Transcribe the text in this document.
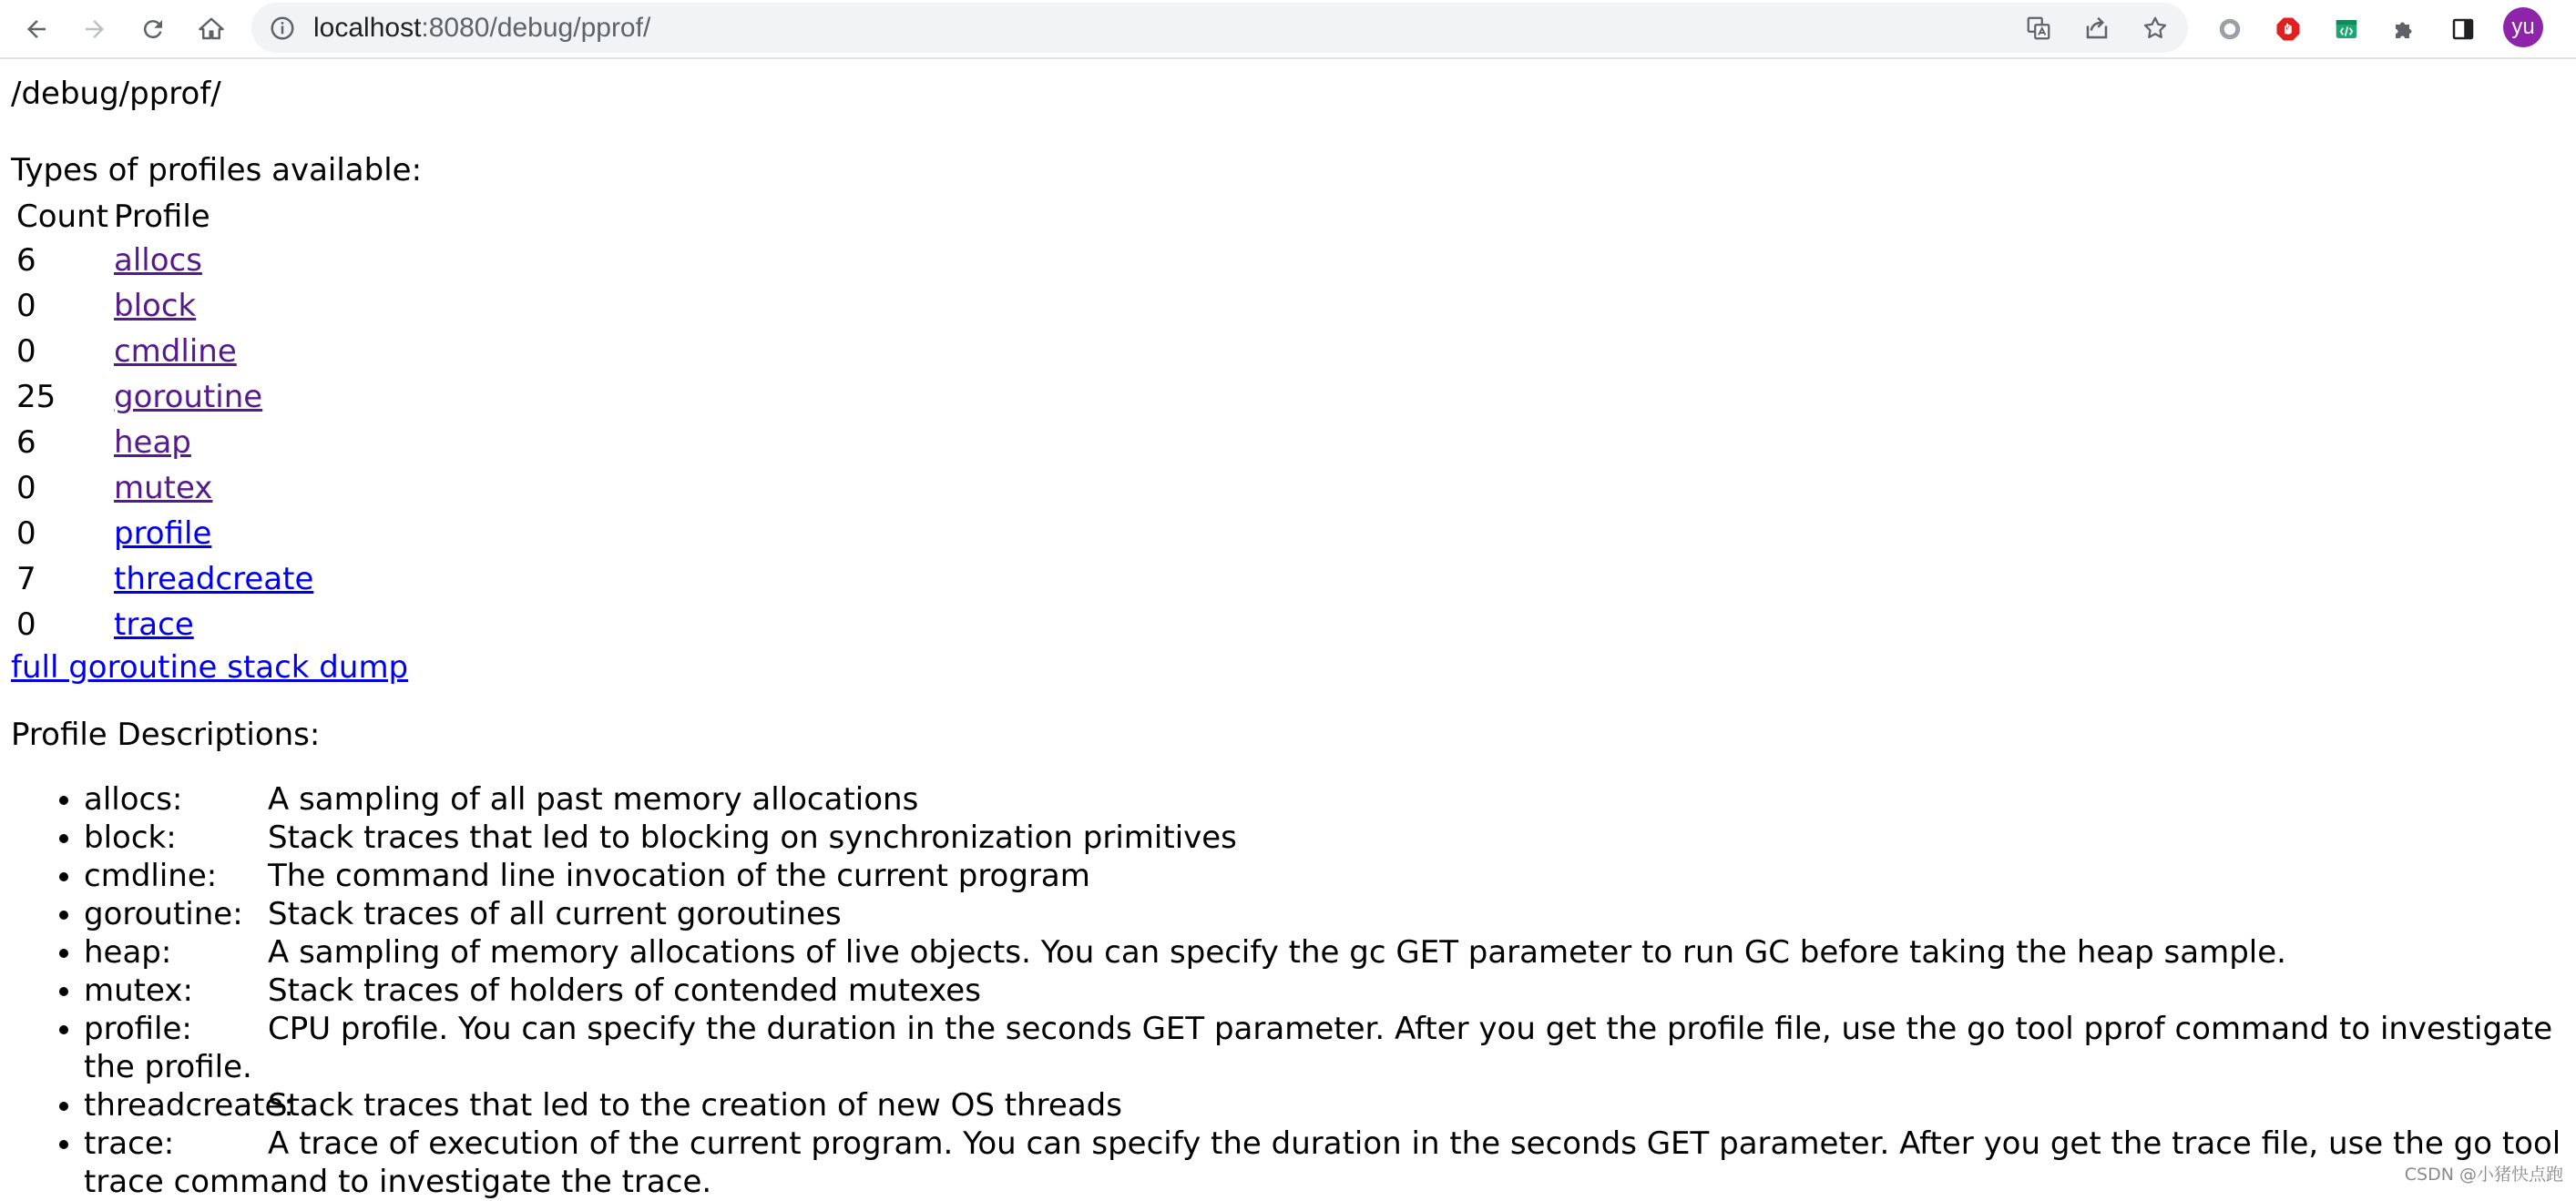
localhost:8080/debug/pprof/	yu
/debug/pprof/
Types of profiles available:
Count	Profile
6	allocs
0	block
0	cmdline
25	goroutine
6	heap
0	mutex
0	profile
7	threadcreate
0	trace
full goroutine stack dump
Profile Descriptions:
• allocs:	A sampling of all past memory allocations
• block:	Stack traces that led to blocking on synchronization primitives
• cmdline: The command line invocation of the current program
• goroutine: Stack traces of all current goroutines
• heap:	A sampling of memory allocations of live objects. You can specify the gc GET parameter to run GC before taking the heap sample.
• mutex: Stack traces of holders of contended mutexes
• profile: CPU profile. You can specify the duration in the seconds GET parameter. After you get the profile file, use the go tool pprof command to investigate the profile.
• threadcreate:Stack traces that led to the creation of new OS threads
• trace:	A trace of execution of the current program. You can specify the duration in the seconds GET parameter. After you get the trace file, use the go tool trace command to investigate the trace.	CSDN @小猪快点跑
